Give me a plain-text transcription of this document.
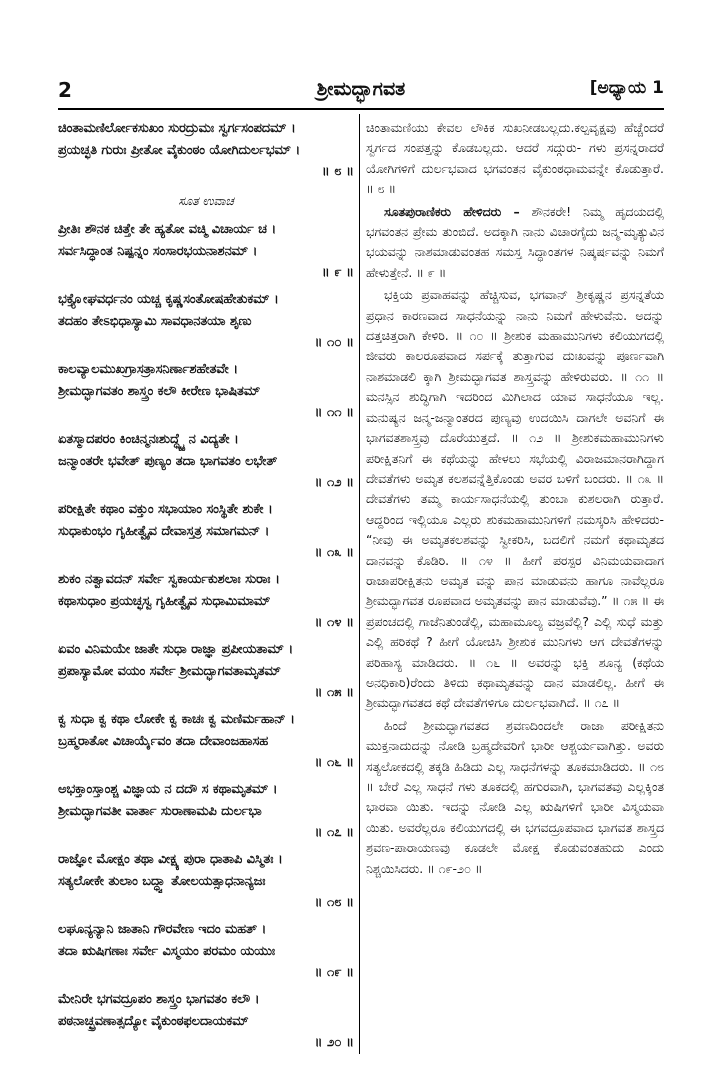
2	ಶ್ರೀಮದ್ಭಾಗವತ	[ಅಧ್ಯಾಯ 1
ಚಿಂತಾಮಣಿರ್ಲೋಕಸುಖಂ ಸುರದ್ರುಮಃ ಸ್ವರ್ಗಸಂಪದಮ್ ।
ಪ್ರಯಚ್ಛತಿ ಗುರುಃ ಪ್ರೀತೋ ವೈಕುಂಠಂ ಯೋಗಿದುರ್ಲಭಮ್ ।
॥ ೮ ॥
ಸೂತ ಉವಾಚ
ಪ್ರೀತಿಃ ಶೌನಕ ಚಿತ್ತೇ ತೇ ಹ್ಯತೋ ವಚ್ಮಿ ವಿಚಾರ್ಯ ಚ ।
ಸರ್ವಸಿದ್ಧಾಂತ ನಿಷ್ಪನ್ನಂ ಸಂಸಾರಭಯನಾಶನಮ್ ।
॥ ೯ ॥
ಭಕ್ತ್ಯೋಘವರ್ಧನಂ ಯಚ್ಚ ಕೃಷ್ಣಸಂತೋಷಹೇತುಕಮ್ ।
ತದಹಂ ತೇಽಭಿಧಾಸ್ಯಾಮಿ ಸಾವಧಾನತಯಾ ಶೃಣು
॥ ೧೦ ॥
ಕಾಲವ್ಯಾಲಮುಖಗ್ರಾಸತ್ರಾಸನಿರ್ಣಾಶಹೇತವೇ ।
ಶ್ರೀಮದ್ಭಾಗವತಂ ಶಾಸ್ತ್ರಂ ಕಲೌ ಕೀರೇಣ ಭಾಷಿತಮ್
॥ ೧೧ ॥
ಏತಸ್ಮಾದಪರಂ ಕಿಂಚಿನ್ಮನಃಶುದ್ಧ್ಯೈ ನ ವಿದ್ಯತೇ ।
ಜನ್ಮಾಂತರೇ ಭವೇತ್ ಪುಣ್ಯಂ ತದಾ ಭಾಗವತಂ ಲಭೇತ್
॥ ೧೨ ॥
ಪರೀಕ್ಷಿತೇ ಕಥಾಂ ವಕ್ತುಂ ಸಭಾಯಾಂ ಸಂಸ್ಥಿತೇ ಶುಕೇ ।
ಸುಧಾಕುಂಭಂ ಗೃಹೀತ್ವೈವ ದೇವಾಸ್ತತ್ರ ಸಮಾಗಮನ್ ।
॥ ೧೩ ॥
ಶುಕಂ ನತ್ವಾವದನ್ ಸರ್ವೇ ಸ್ವಕಾರ್ಯಕುಶಲಾಃ ಸುರಾಃ ।
ಕಥಾಸುಧಾಂ ಪ್ರಯಚ್ಛಸ್ವ ಗೃಹೀತ್ವೈವ ಸುಧಾಮಿಮಾಮ್
॥ ೧೪ ॥
ಏವಂ ವಿನಿಮಯೇ ಜಾತೇ ಸುಧಾ ರಾಜ್ಞಾ ಪ್ರಪೀಯತಾಮ್ ।
ಪ್ರಪಾಸ್ಯಾಮೋ ವಯಂ ಸರ್ವೇ ಶ್ರೀಮದ್ಭಾಗವತಾಮೃತಮ್
॥ ೧೫ ॥
ಕ್ವ ಸುಧಾ ಕ್ವ ಕಥಾ ಲೋಕೇ ಕ್ವ ಕಾಚಃ ಕ್ವ ಮಣಿರ್ಮಹಾನ್ ।
ಬ್ರಹ್ಮರಾತೋ ವಿಚಾರ್ಯೈವಂ ತದಾ ದೇವಾಂಜಹಾಸಹ
॥ ೧೬ ॥
ಅಭಕ್ತಾಂಸ್ತಾಂಶ್ಚ ವಿಜ್ಞಾಯ ನ ದದೌ ಸ ಕಥಾಮೃತಮ್ ।
ಶ್ರೀಮದ್ಭಾಗವತೀ ವಾರ್ತಾ ಸುರಾಣಾಮಪಿ ದುರ್ಲಭಾ
॥ ೧೭ ॥
ರಾಜ್ಞೋ ಮೋಕ್ಷಂ ತಥಾ ವೀಕ್ಷ್ಯ ಪುರಾ ಧಾತಾಪಿ ವಿಸ್ಮಿತಃ ।
ಸತ್ಯಲೋಕೇ ತುಲಾಂ ಬದ್ಧ್ವಾ ತೋಲಯತ್ಸಾಧನಾನ್ಯಜಃ
॥ ೧೮ ॥
ಲಘೂನ್ಯನ್ಯಾನಿ ಜಾತಾನಿ ಗೌರವೇಣ ಇದಂ ಮಹತ್ ।
ತದಾ ಋಷಿಗಣಾಃ ಸರ್ವೇ ವಿಸ್ಮಯಂ ಪರಮಂ ಯಯುಃ
॥ ೧೯ ॥
ಮೇನಿರೇ ಭಗವದ್ರೂಪಂ ಶಾಸ್ತ್ರಂ ಭಾಗವತಂ ಕಲೌ ।
ಪಠನಾಚ್ಛ್ರವಣಾತ್ಸದ್ಯೋ ವೈಕುಂಠಫಲದಾಯಕಮ್
॥ ೨೦ ॥

ಚಿಂತಾಮಣಿಯು ಕೇವಲ ಲೌಕಿಕ ಸುಖನೀಡಬಲ್ಲದು.ಕಲ್ಪವೃಕ್ಷವು ಹೆಚ್ಚೆಂದರೆ ಸ್ವರ್ಗದ ಸಂಪತ್ತನ್ನು ಕೊಡಬಲ್ಲದು. ಆದರೆ ಸದ್ಗುರು- ಗಳು ಪ್ರಸನ್ನರಾದರೆ ಯೋಗಿಗಳಿಗೆ ದುರ್ಲಭವಾದ ಭಗವಂತನ ವೈಕುಂಠಧಾಮವನ್ನೇ ಕೊಡುತ್ತಾರೆ. ॥ ೮ ॥

ಸೂತಪುರಾಣಿಕರು ಹೇಳಿದರು – ಶೌನಕರೇ! ನಿಮ್ಮ ಹೃದಯದಲ್ಲಿ ಭಗವಂತನ ಪ್ರೇಮ ತುಂಬಿದೆ. ಅದಕ್ಕಾಗಿ ನಾನು ವಿಚಾರಗೈದು ಜನ್ಮ-ಮೃತ್ಯುವಿನ ಭಯವನ್ನು ನಾಶಮಾಡುವಂತಹ ಸಮಸ್ತ ಸಿದ್ಧಾಂತಗಳ ನಿಷ್ಕರ್ಷವನ್ನು ನಿಮಗೆ ಹೇಳುತ್ತೇನೆ. ॥ ೯ ॥

ಭಕ್ತಿಯ ಪ್ರವಾಹವನ್ನು ಹೆಚ್ಚಿಸುವ, ಭಗವಾನ್ ಶ್ರೀಕೃಷ್ಣನ ಪ್ರಸನ್ನತೆಯ ಪ್ರಧಾನ ಕಾರಣವಾದ ಸಾಧನೆಯನ್ನು ನಾನು ನಿಮಗೆ ಹೇಳುವೆನು. ಅದನ್ನು ದತ್ತಚಿತ್ತರಾಗಿ ಕೇಳಿರಿ. ॥ ೧೦ ॥ ಶ್ರೀಶುಕ ಮಹಾಮುನಿಗಳು ಕಲಿಯುಗದಲ್ಲಿ ಜೀವರು ಕಾಲರೂಪವಾದ ಸರ್ಪಕ್ಕೆ ತುತ್ತಾಗುವ ದುಃಖವನ್ನು ಪೂರ್ಣವಾಗಿ ನಾಶಮಾಡಲಿ ಕ್ಕಾಗಿ ಶ್ರೀಮದ್ಭಾಗವತ ಶಾಸ್ತ್ರವನ್ನು ಹೇಳಿರುವರು. ॥ ೧೧ ॥ ಮನಸ್ಸಿನ ಶುದ್ಧಿಗಾಗಿ ಇದರಿಂದ ಮಿಗಿಲಾದ ಯಾವ ಸಾಧನೆಯೂ ಇಲ್ಲ. ಮನುಷ್ಯನ ಜನ್ಮ-ಜನ್ಮಾಂತರದ ಪುಣ್ಯವು ಉದಯಿಸಿ ದಾಗಲೇ ಅವನಿಗೆ ಈ ಭಾಗವತಶಾಸ್ತ್ರವು ದೊರೆಯುತ್ತದೆ. ॥ ೧೨ ॥ ಶ್ರೀಶುಕಮಹಾಮುನಿಗಳು ಪರೀಕ್ಷಿತನಿಗೆ ಈ ಕಥೆಯನ್ನು ಹೇಳಲು ಸಭೆಯಲ್ಲಿ ವಿರಾಜಮಾನರಾಗಿದ್ದಾಗ ದೇವತೆಗಳು ಅಮೃತ ಕಲಶವನ್ನೆತ್ತಿಕೊಂಡು ಅವರ ಬಳಿಗೆ ಬಂದರು. ॥ ೧೩ ॥ ದೇವತೆಗಳು ತಮ್ಮ ಕಾರ್ಯಸಾಧನೆಯಲ್ಲಿ ತುಂಬಾ ಕುಶಲರಾಗಿ ರುತ್ತಾರೆ. ಆದ್ದರಿಂದ ಇಲ್ಲಿಯೂ ಎಲ್ಲರು ಶುಕಮಹಾಮುನಿಗಳಿಗೆ ನಮಸ್ಕರಿಸಿ ಹೇಳಿದರು- “ನೀವು ಈ ಅಮೃತಕಲಶವನ್ನು ಸ್ವೀಕರಿಸಿ, ಬದಲಿಗೆ ನಮಗೆ ಕಥಾಮೃತದ ದಾನವನ್ನು ಕೊಡಿರಿ. ॥ ೧೪ ॥ ಹೀಗೆ ಪರಸ್ಪರ ವಿನಿಮಯವಾದಾಗ ರಾಜಾಪರೀಕ್ಷಿತನು ಅಮೃತ ವನ್ನು ಪಾನ ಮಾಡುವನು ಹಾಗೂ ನಾವೆಲ್ಲರೂ ಶ್ರೀಮದ್ಭಾಗವತ ರೂಪವಾದ ಅಮೃತವನ್ನು ಪಾನ ಮಾಡುವೆವು.” ॥ ೧೫ ॥ ಈ ಪ್ರಪಂಚದಲ್ಲಿ ಗಾಜೆನಿತುಂಡೆಲ್ಲಿ, ಮಹಾಮೂಲ್ಯ ವಜ್ರವೆಲ್ಲಿ? ಎಲ್ಲಿ ಸುಧೆ ಮತ್ತು ಎಲ್ಲಿ ಹರಿಕಥೆ ? ಹೀಗೆ ಯೋಚಿಸಿ ಶ್ರೀಶುಕ ಮುನಿಗಳು ಆಗ ದೇವತೆಗಳನ್ನು ಪರಿಹಾಸ್ಯ ಮಾಡಿದರು. ॥ ೧೬ ॥ ಅವರನ್ನು ಭಕ್ತಿ ಶೂನ್ಯ (ಕಥೆಯ ಅನಧಿಕಾರಿ)ರೆಂದು ತಿಳಿದು ಕಥಾಮೃತವನ್ನು ದಾನ ಮಾಡಲಿಲ್ಲ. ಹೀಗೆ ಈ ಶ್ರೀಮದ್ಭಾಗವತದ ಕಥೆ ದೇವತೆಗಳಿಗೂ ದುರ್ಲಭವಾಗಿದೆ. ॥ ೧೭ ॥

ಹಿಂದೆ ಶ್ರೀಮದ್ಭಾಗವತದ ಶ್ರವಣದಿಂದಲೇ ರಾಜಾ ಪರೀಕ್ಷಿತನು ಮುಕ್ತನಾದುದನ್ನು ನೋಡಿ ಬ್ರಹ್ಮದೇವರಿಗೆ ಭಾರೀ ಆಶ್ಚರ್ಯವಾಗಿತ್ತು. ಅವರು ಸತ್ಯಲೋಕದಲ್ಲಿ ತಕ್ಕಡಿ ಹಿಡಿದು ಎಲ್ಲ ಸಾಧನೆಗಳನ್ನು ತೂಕಮಾಡಿದರು. ॥ ೧೮ ॥ ಬೇರೆ ಎಲ್ಲ ಸಾಧನೆ ಗಳು ತೂಕದಲ್ಲಿ ಹಗುರವಾಗಿ, ಭಾಗವತವು ಎಲ್ಲಕ್ಕಿಂತ ಭಾರವಾ ಯಿತು. ಇದನ್ನು ನೋಡಿ ಎಲ್ಲ ಋಷಿಗಳಿಗೆ ಭಾರೀ ವಿಸ್ಮಯವಾ ಯಿತು. ಅವರೆಲ್ಲರೂ ಕಲಿಯುಗದಲ್ಲಿ ಈ ಭಗವದ್ರೂಪವಾದ ಭಾಗವತ ಶಾಸ್ತ್ರದ ಶ್ರವಣ-ಪಾರಾಯಣವು ಕೂಡಲೇ ಮೋಕ್ಷ ಕೊಡುವಂತಹುದು ಎಂದು ನಿಶ್ಚಯಿಸಿದರು. ॥ ೧೯-೨೦ ॥
